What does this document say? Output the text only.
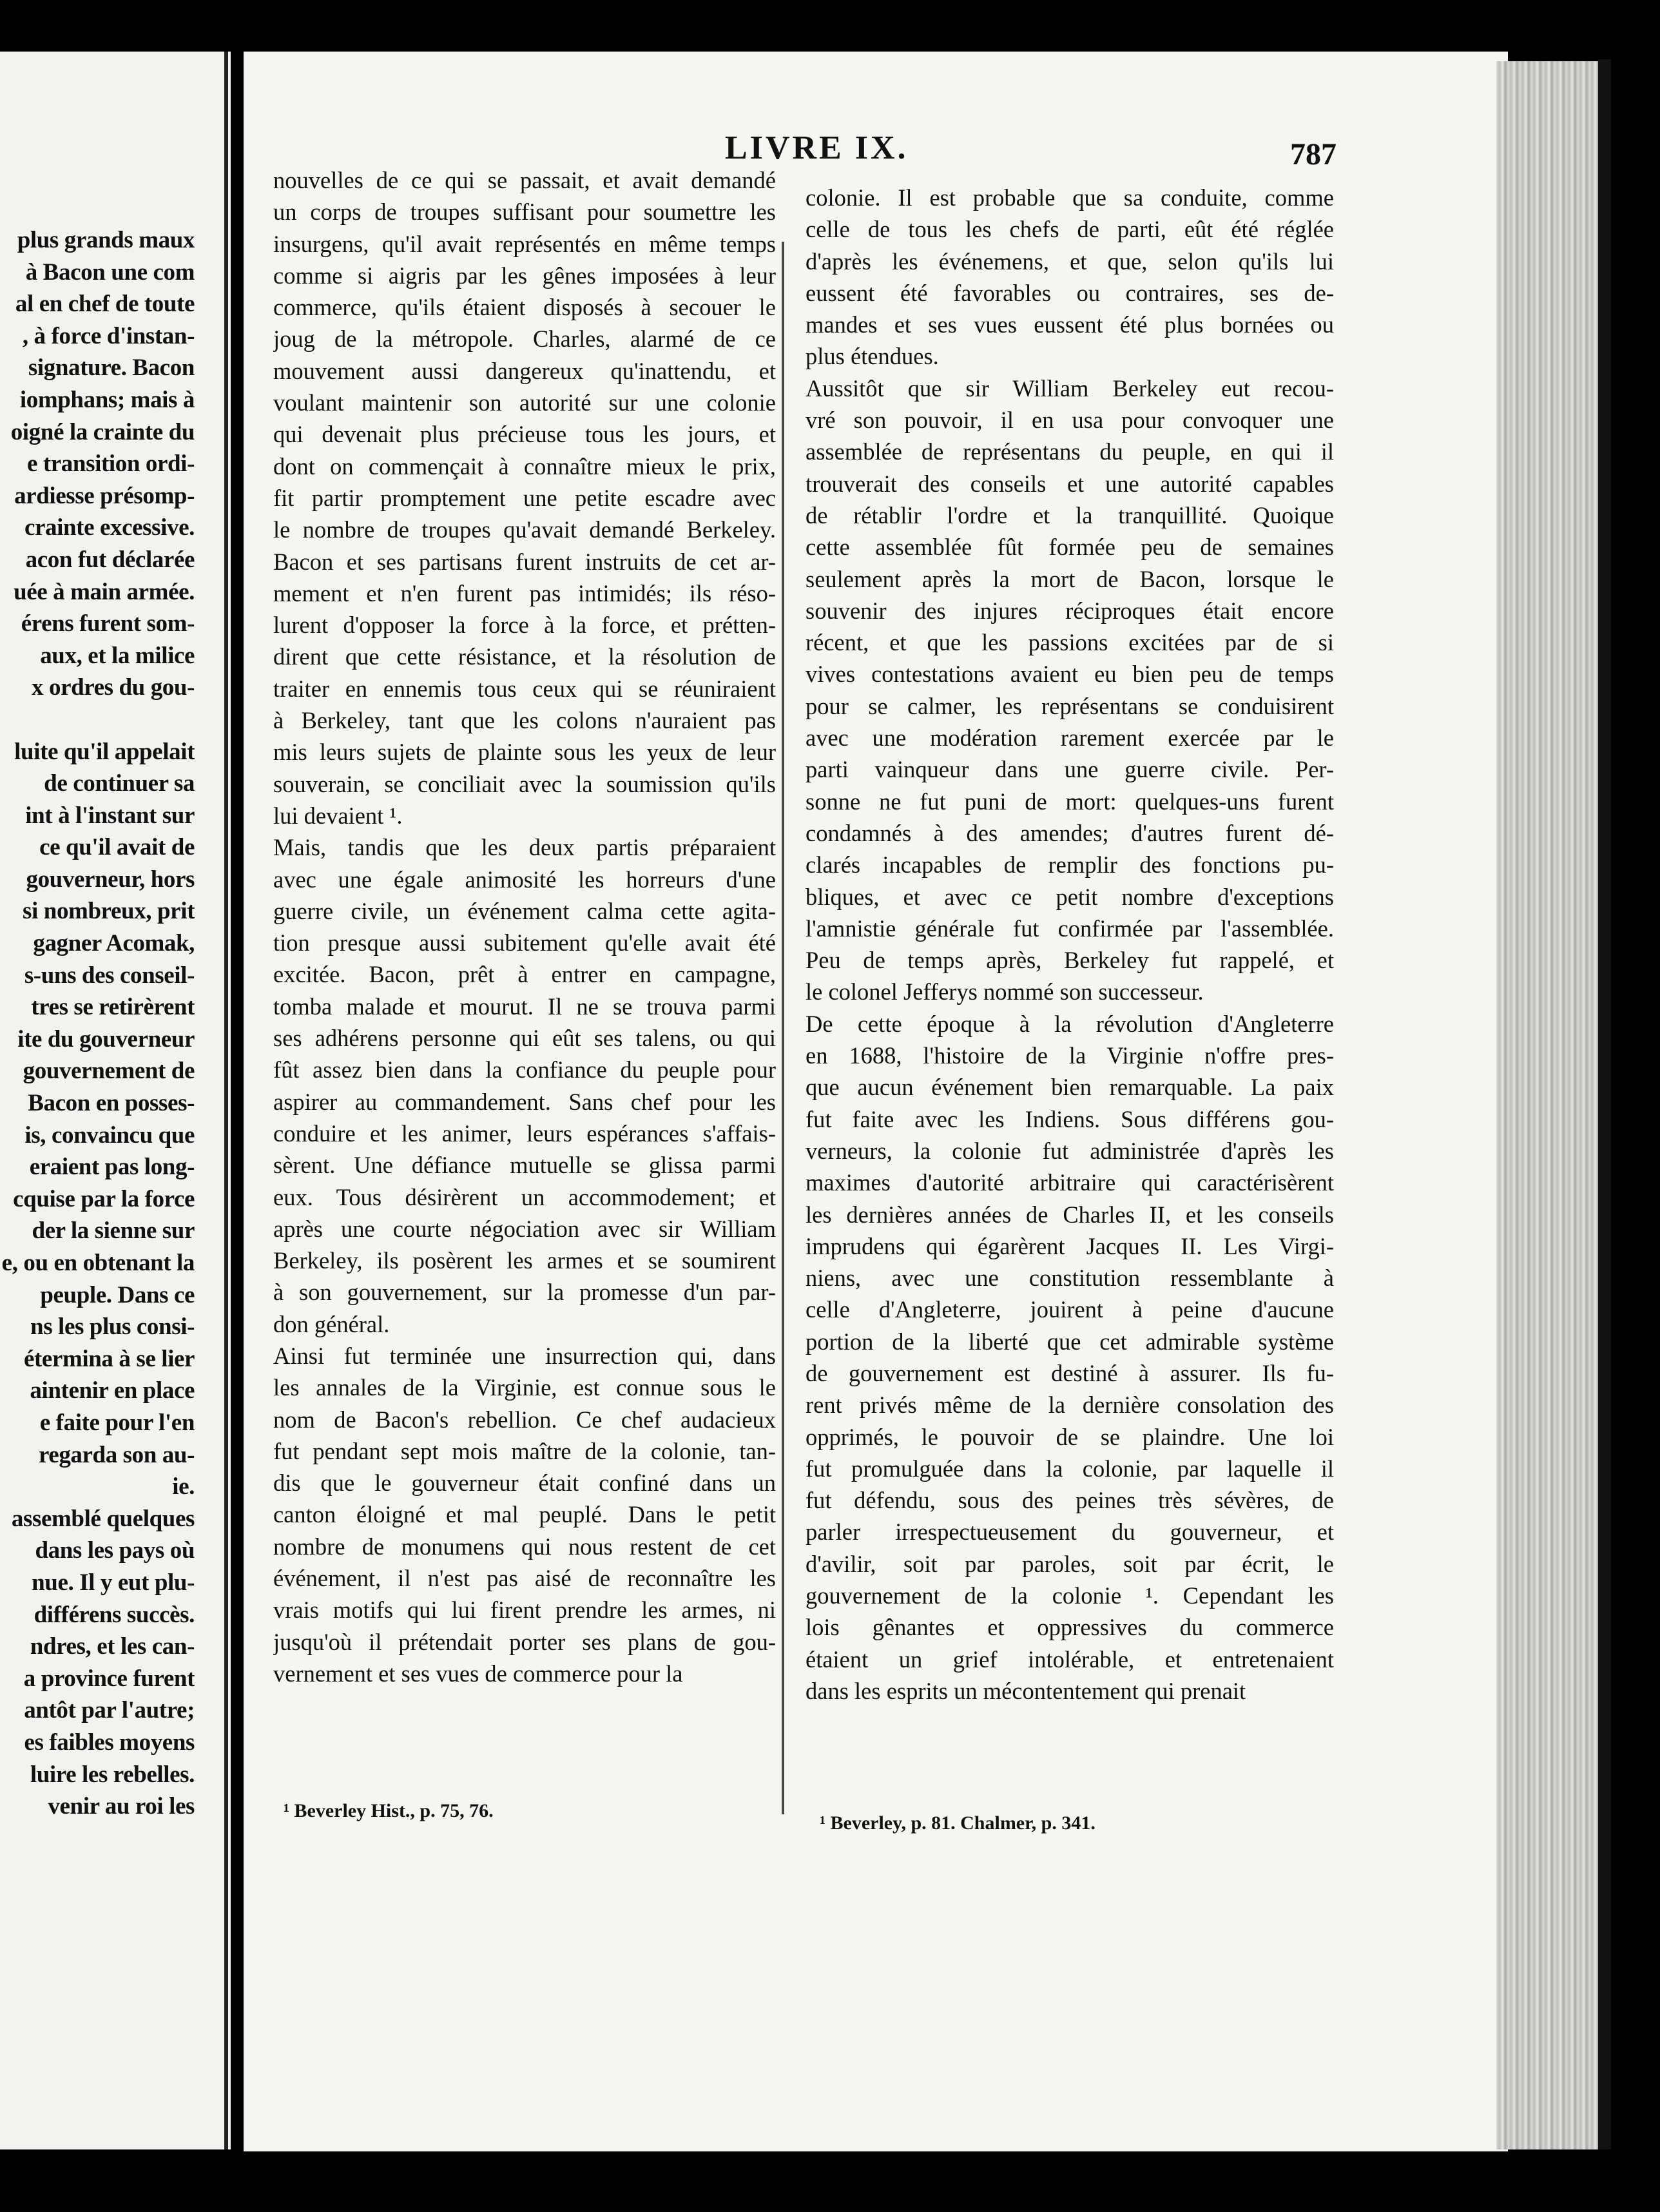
plus grands maux
à Bacon une com
al en chef de toute
, à force d'instan-
signature. Bacon
iomphans; mais à
oigné la crainte du
e transition ordi-
ardiesse présomp-
crainte excessive.
acon fut déclarée
uée à main armée.
érens furent som-
aux, et la milice
x ordres du gou-
luite qu'il appelait
de continuer sa
int à l'instant sur
ce qu'il avait de
gouverneur, hors
si nombreux, prit
gagner Acomak,
s-uns des conseil-
tres se retirèrent
ite du gouverneur
gouvernement de
Bacon en posses-
is, convaincu que
eraient pas long-
cquise par la force
der la sienne sur
e, ou en obtenant la
peuple. Dans ce
ns les plus consi-
étermina à se lier
aintenir en place
e faite pour l'en
regarda son au-
ie.
assemblé quelques
dans les pays où
nue. Il y eut plu-
différens succès.
ndres, et les can-
a province furent
antôt par l'autre;
es faibles moyens
luire les rebelles.
venir au roi les
LIVRE IX.	787
nouvelles de ce qui se passait, et avait demandé
un corps de troupes suffisant pour soumettre les
insurgens, qu'il avait représentés en même temps
comme si aigris par les gênes imposées à leur
commerce, qu'ils étaient disposés à secouer le
joug de la métropole. Charles, alarmé de ce
mouvement aussi dangereux qu'inattendu, et
voulant maintenir son autorité sur une colonie
qui devenait plus précieuse tous les jours, et
dont on commençait à connaître mieux le prix,
fit partir promptement une petite escadre avec
le nombre de troupes qu'avait demandé Berkeley.
Bacon et ses partisans furent instruits de cet ar-
mement et n'en furent pas intimidés; ils réso-
lurent d'opposer la force à la force, et prétten-
dirent que cette résistance, et la résolution de
traiter en ennemis tous ceux qui se réuniraient
à Berkeley, tant que les colons n'auraient pas
mis leurs sujets de plainte sous les yeux de leur
souverain, se conciliait avec la soumission qu'ils
lui devaient ¹.
Mais, tandis que les deux partis préparaient
avec une égale animosité les horreurs d'une
guerre civile, un événement calma cette agita-
tion presque aussi subitement qu'elle avait été
excitée. Bacon, prêt à entrer en campagne,
tomba malade et mourut. Il ne se trouva parmi
ses adhérens personne qui eût ses talens, ou qui
fût assez bien dans la confiance du peuple pour
aspirer au commandement. Sans chef pour les
conduire et les animer, leurs espérances s'affais-
sèrent. Une défiance mutuelle se glissa parmi
eux. Tous désirèrent un accommodement; et
après une courte négociation avec sir William
Berkeley, ils posèrent les armes et se soumirent
à son gouvernement, sur la promesse d'un par-
don général.
Ainsi fut terminée une insurrection qui, dans
les annales de la Virginie, est connue sous le
nom de Bacon's rebellion. Ce chef audacieux
fut pendant sept mois maître de la colonie, tan-
dis que le gouverneur était confiné dans un
canton éloigné et mal peuplé. Dans le petit
nombre de monumens qui nous restent de cet
événement, il n'est pas aisé de reconnaître les
vrais motifs qui lui firent prendre les armes, ni
jusqu'où il prétendait porter ses plans de gou-
vernement et ses vues de commerce pour la
colonie. Il est probable que sa conduite, comme
celle de tous les chefs de parti, eût été réglée
d'après les événemens, et que, selon qu'ils lui
eussent été favorables ou contraires, ses de-
mandes et ses vues eussent été plus bornées ou
plus étendues.
Aussitôt que sir William Berkeley eut recou-
vré son pouvoir, il en usa pour convoquer une
assemblée de représentans du peuple, en qui il
trouverait des conseils et une autorité capables
de rétablir l'ordre et la tranquillité. Quoique
cette assemblée fût formée peu de semaines
seulement après la mort de Bacon, lorsque le
souvenir des injures réciproques était encore
récent, et que les passions excitées par de si
vives contestations avaient eu bien peu de temps
pour se calmer, les représentans se conduisirent
avec une modération rarement exercée par le
parti vainqueur dans une guerre civile. Per-
sonne ne fut puni de mort: quelques-uns furent
condamnés à des amendes; d'autres furent dé-
clarés incapables de remplir des fonctions pu-
bliques, et avec ce petit nombre d'exceptions
l'amnistie générale fut confirmée par l'assemblée.
Peu de temps après, Berkeley fut rappelé, et
le colonel Jefferys nommé son successeur.
De cette époque à la révolution d'Angleterre
en 1688, l'histoire de la Virginie n'offre pres-
que aucun événement bien remarquable. La paix
fut faite avec les Indiens. Sous différens gou-
verneurs, la colonie fut administrée d'après les
maximes d'autorité arbitraire qui caractérisèrent
les dernières années de Charles II, et les conseils
imprudens qui égarèrent Jacques II. Les Virgi-
niens, avec une constitution ressemblante à
celle d'Angleterre, jouirent à peine d'aucune
portion de la liberté que cet admirable système
de gouvernement est destiné à assurer. Ils fu-
rent privés même de la dernière consolation des
opprimés, le pouvoir de se plaindre. Une loi
fut promulguée dans la colonie, par laquelle il
fut défendu, sous des peines très sévères, de
parler irrespectueusement du gouverneur, et
d'avilir, soit par paroles, soit par écrit, le
gouvernement de la colonie ¹. Cependant les
lois gênantes et oppressives du commerce
étaient un grief intolérable, et entretenaient
dans les esprits un mécontentement qui prenait
¹ Beverley Hist., p. 75, 76.
¹ Beverley, p. 81. Chalmer, p. 341.
